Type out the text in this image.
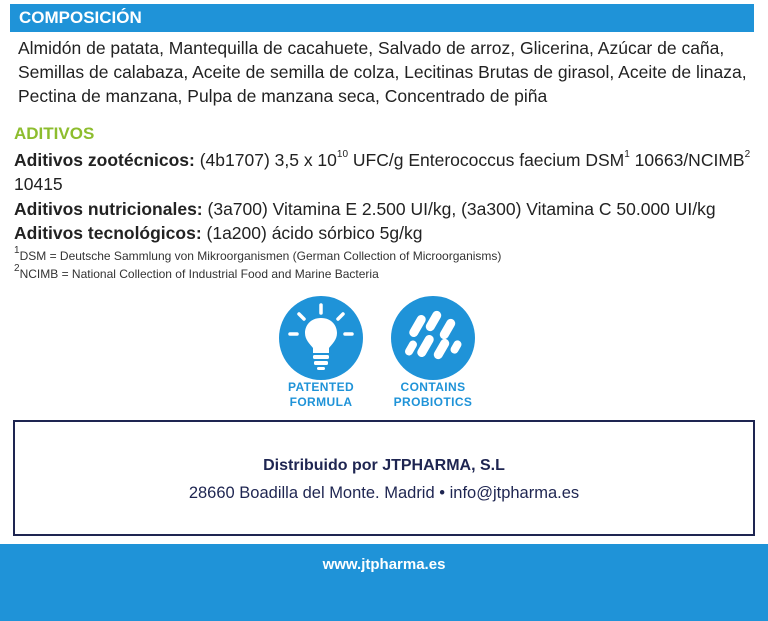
COMPOSICIÓN
Almidón de patata, Mantequilla de cacahuete, Salvado de arroz, Glicerina, Azúcar de caña, Semillas de calabaza, Aceite de semilla de colza, Lecitinas Brutas de girasol, Aceite de linaza, Pectina de manzana, Pulpa de manzana seca, Concentrado de piña
ADITIVOS
Aditivos zootécnicos: (4b1707) 3,5 x $10^{10}$ UFC/g Enterococcus faecium DSM$^1$ 10663/NCIMB$^2$
10415
Aditivos nutricionales: (3a700) Vitamina E 2.500 UI/kg, (3a300) Vitamina C 50.000 UI/kg
Aditivos tecnológicos: (1a200) ácido sórbico 5g/kg
$^1$DSM = Deutsche Sammlung von Mikroorganismen (German Collection of Microorganisms)
$^2$NCIMB = National Collection of Industrial Food and Marine Bacteria
PATENTED
FORMULA
CONTAINS
PROBIOTICS
Distribuido por JTPHARMA, S.L
28660 Boadilla del Monte. Madrid • info@jtpharma.es
www.jtpharma.es
